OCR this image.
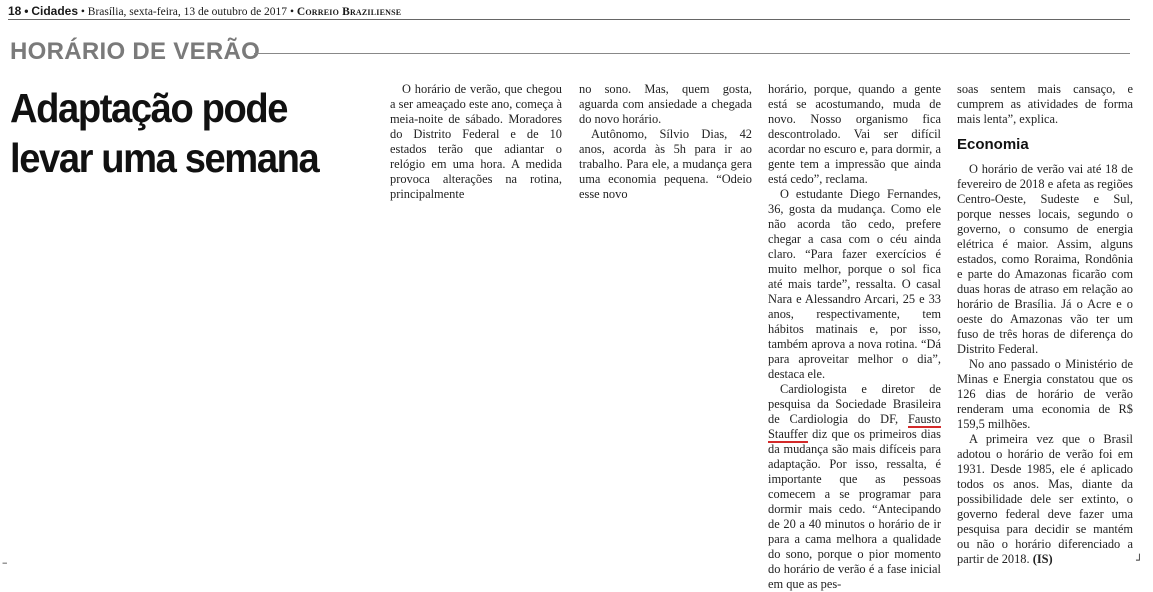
18 • Cidades • Brasília, sexta-feira, 13 de outubro de 2017 • Correio Braziliense
HORÁRIO DE VERÃO
Adaptação pode levar uma semana

O horário de verão, que chegou a ser ameaçado este ano, começa à meia-noite de sábado. Moradores do Distrito Federal e de 10 estados terão que adiantar o relógio em uma hora. A medida provoca alterações na rotina, principalmente

no sono. Mas, quem gosta, aguarda com ansiedade a chegada do novo horário.

Autônomo, Sílvio Dias, 42 anos, acorda às 5h para ir ao trabalho. Para ele, a mudança gera uma economia pequena. “Odeio esse novo

horário, porque, quando a gente está se acostumando, muda de novo. Nosso organismo fica descontrolado. Vai ser difícil acordar no escuro e, para dormir, a gente tem a impressão que ainda está cedo”, reclama.

O estudante Diego Fernandes, 36, gosta da mudança. Como ele não acorda tão cedo, prefere chegar a casa com o céu ainda claro. “Para fazer exercícios é muito melhor, porque o sol fica até mais tarde”, ressalta. O casal Nara e Alessandro Arcari, 25 e 33 anos, respectivamente, tem hábitos matinais e, por isso, também aprova a nova rotina. “Dá para aproveitar melhor o dia”, destaca ele.

Cardiologista e diretor de pesquisa da Sociedade Brasileira de Cardiologia do DF, Fausto Stauffer diz que os primeiros dias da mudança são mais difíceis para adaptação. Por isso, ressalta, é importante que as pessoas comecem a se programar para dormir mais cedo. “Antecipando de 20 a 40 minutos o horário de ir para a cama melhora a qualidade do sono, porque o pior momento do horário de verão é a fase inicial em que as pes-

soas sentem mais cansaço, e cumprem as atividades de forma mais lenta”, explica.

Economia

O horário de verão vai até 18 de fevereiro de 2018 e afeta as regiões Centro-Oeste, Sudeste e Sul, porque nesses locais, segundo o governo, o consumo de energia elétrica é maior. Assim, alguns estados, como Roraima, Rondônia e parte do Amazonas ficarão com duas horas de atraso em relação ao horário de Brasília. Já o Acre e o oeste do Amazonas vão ter um fuso de três horas de diferença do Distrito Federal.

No ano passado o Ministério de Minas e Energia constatou que os 126 dias de horário de verão renderam uma economia de R$ 159,5 milhões.

A primeira vez que o Brasil adotou o horário de verão foi em 1931. Desde 1985, ele é aplicado todos os anos. Mas, diante da possibilidade dele ser extinto, o governo federal deve fazer uma pesquisa para decidir se mantém ou não o horário diferenciado a partir de 2018. (IS)

–	┘
